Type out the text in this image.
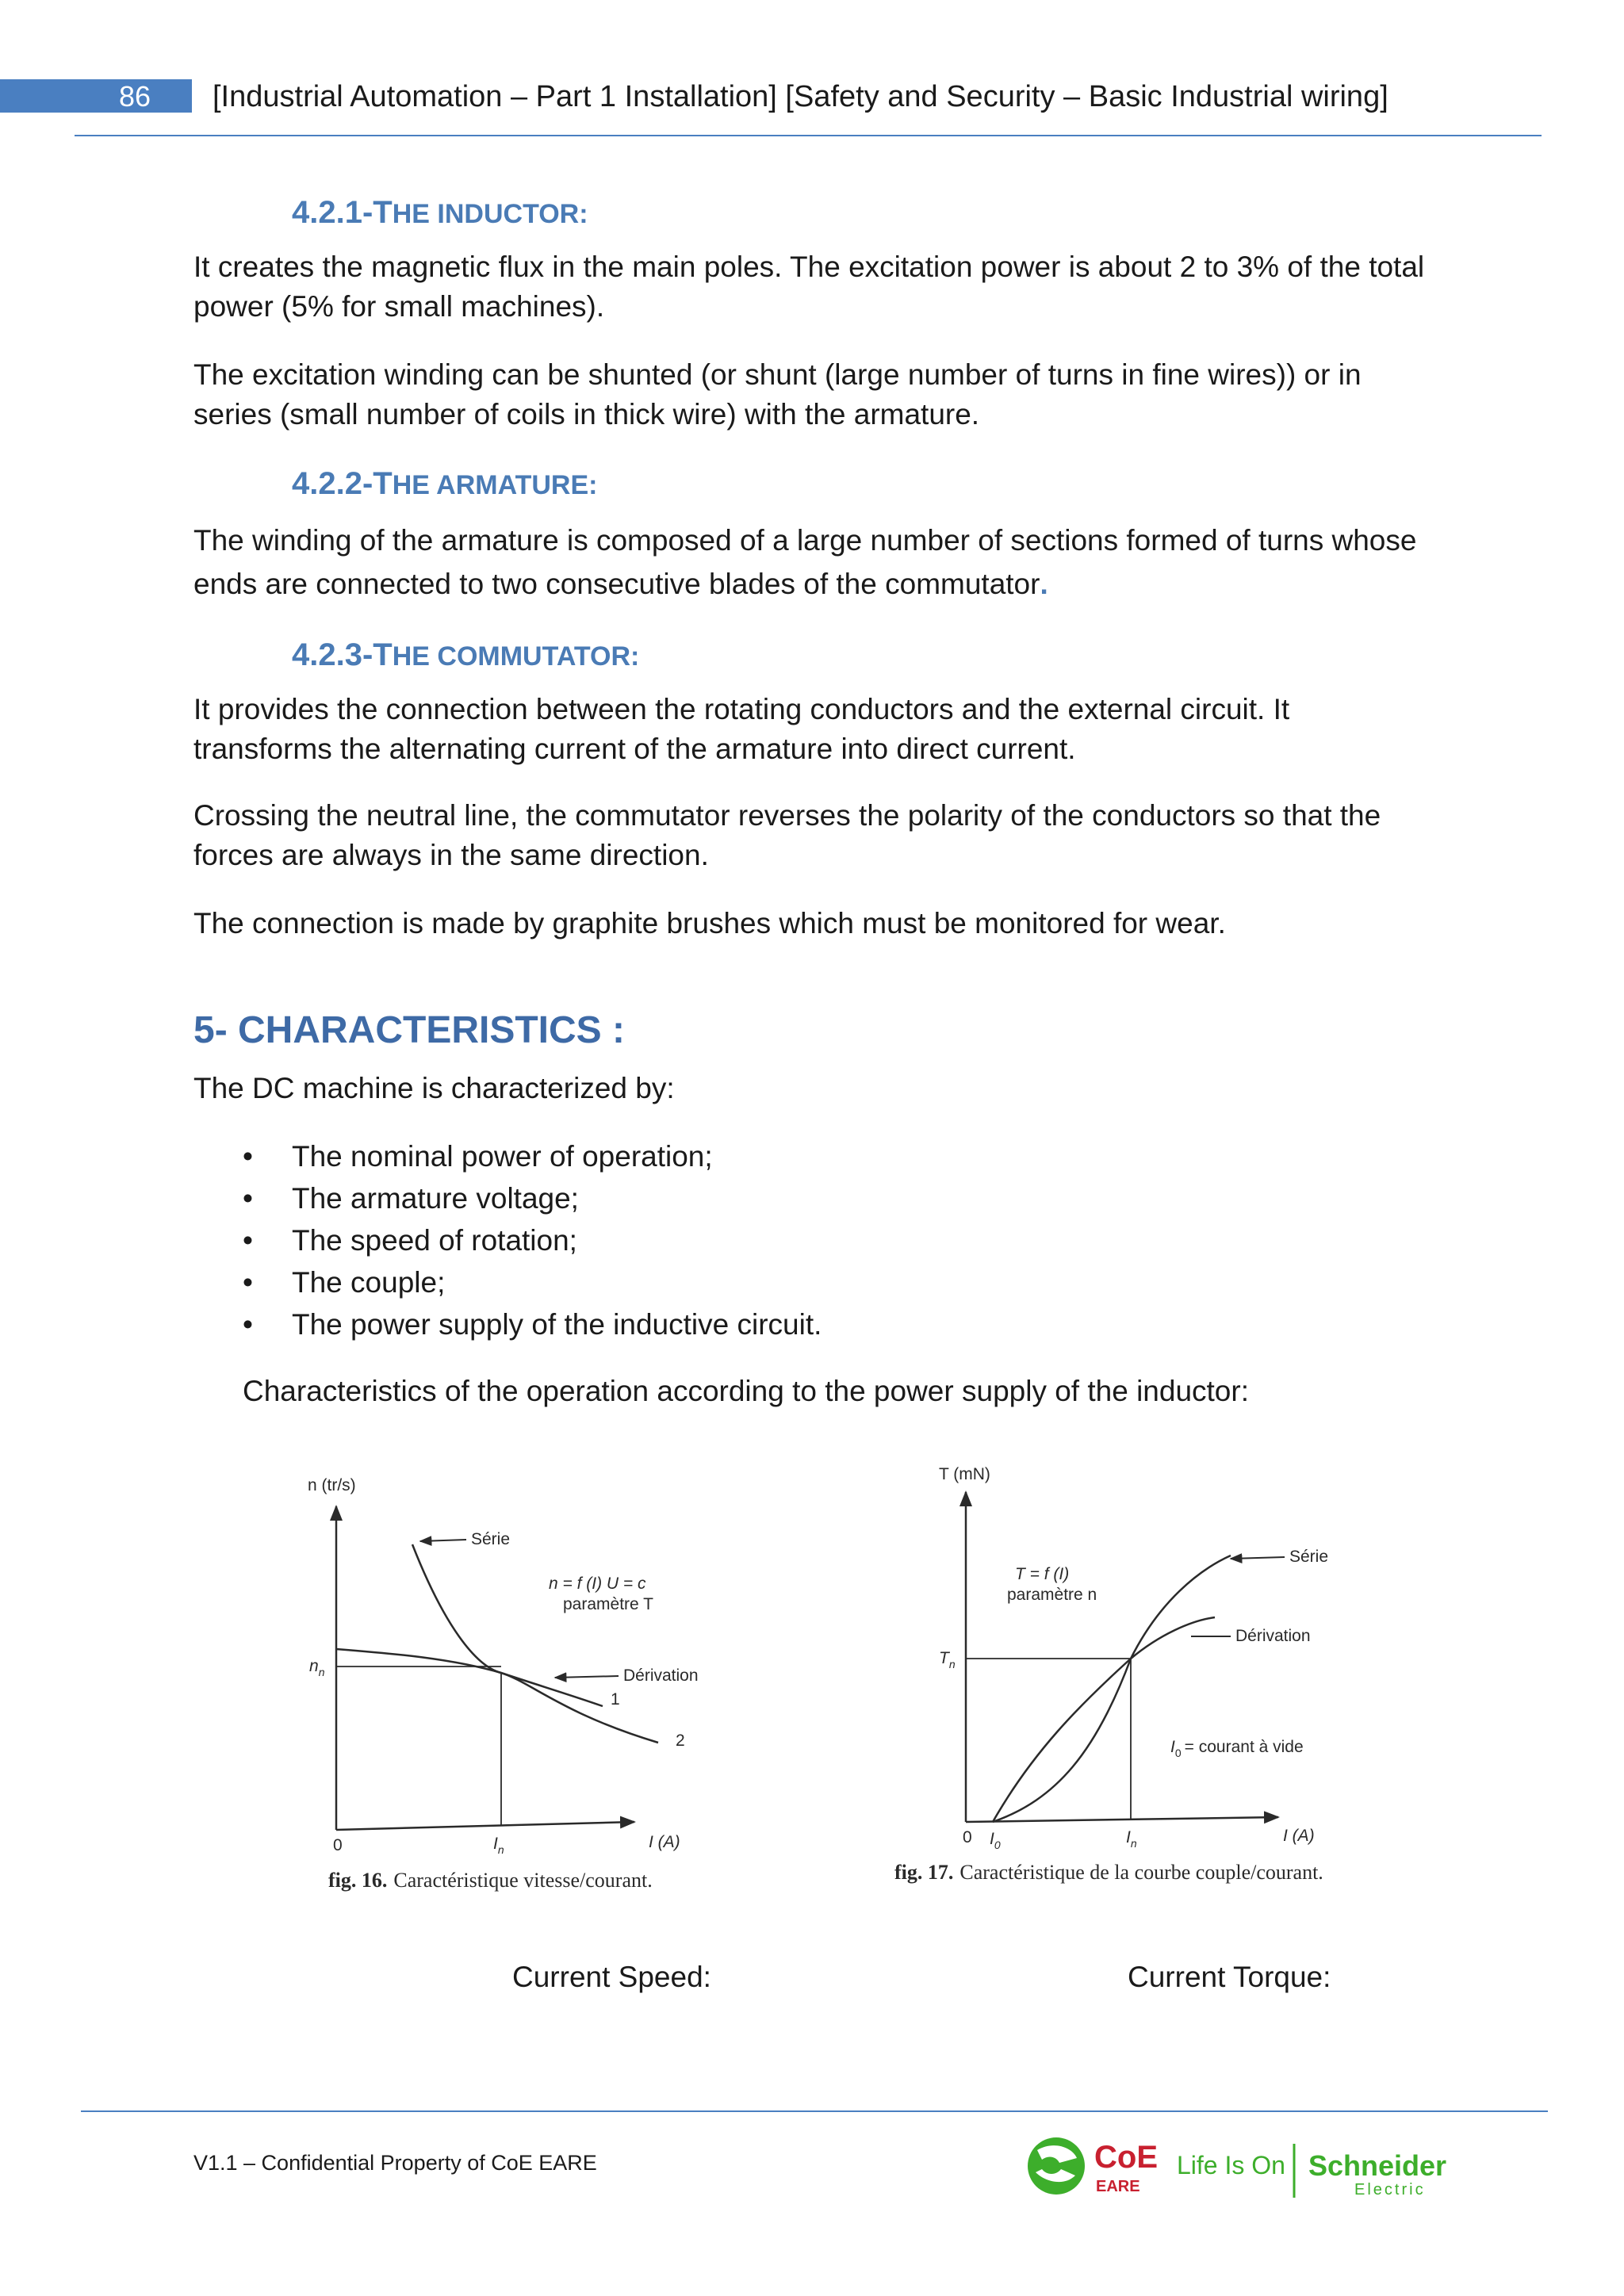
86	[Industrial Automation – Part 1 Installation] [Safety and Security – Basic Industrial wiring]
4.2.1-THE INDUCTOR:
It creates the magnetic flux in the main poles. The excitation power is about 2 to 3% of the total power (5% for small machines).
The excitation winding can be shunted (or shunt (large number of turns in fine wires)) or in series (small number of coils in thick wire) with the armature.
4.2.2-THE ARMATURE:
The winding of the armature is composed of a large number of sections formed of turns whose ends are connected to two consecutive blades of the commutator.
4.2.3-THE COMMUTATOR:
It provides the connection between the rotating conductors and the external circuit. It transforms the alternating current of the armature into direct current.
Crossing the neutral line, the commutator reverses the polarity of the conductors so that the forces are always in the same direction.
The connection is made by graphite brushes which must be monitored for wear.
5- CHARACTERISTICS :
The DC machine is characterized by:
• The nominal power of operation;
• The armature voltage;
• The speed of rotation;
• The couple;
• The power supply of the inductive circuit.
Characteristics of the operation according to the power supply of the inductor:
n (tr/s)
Série
n = f (I) U = c
paramètre T
$n_n$	Dérivation
1
2
0	$I_n$	I (A)
fig. 16. Caractéristique vitesse/courant.
T (mN)
T = f (I)
paramètre n
Série
Dérivation
$T_n$
$I_0$ = courant à vide
0 $I_0$	$I_n$	I (A)
fig. 17. Caractéristique de la courbe couple/courant.
Current Speed:	Current Torque:
V1.1 – Confidential Property of CoE EARE	CoE
EARE
Life Is On Schneider
Electric
